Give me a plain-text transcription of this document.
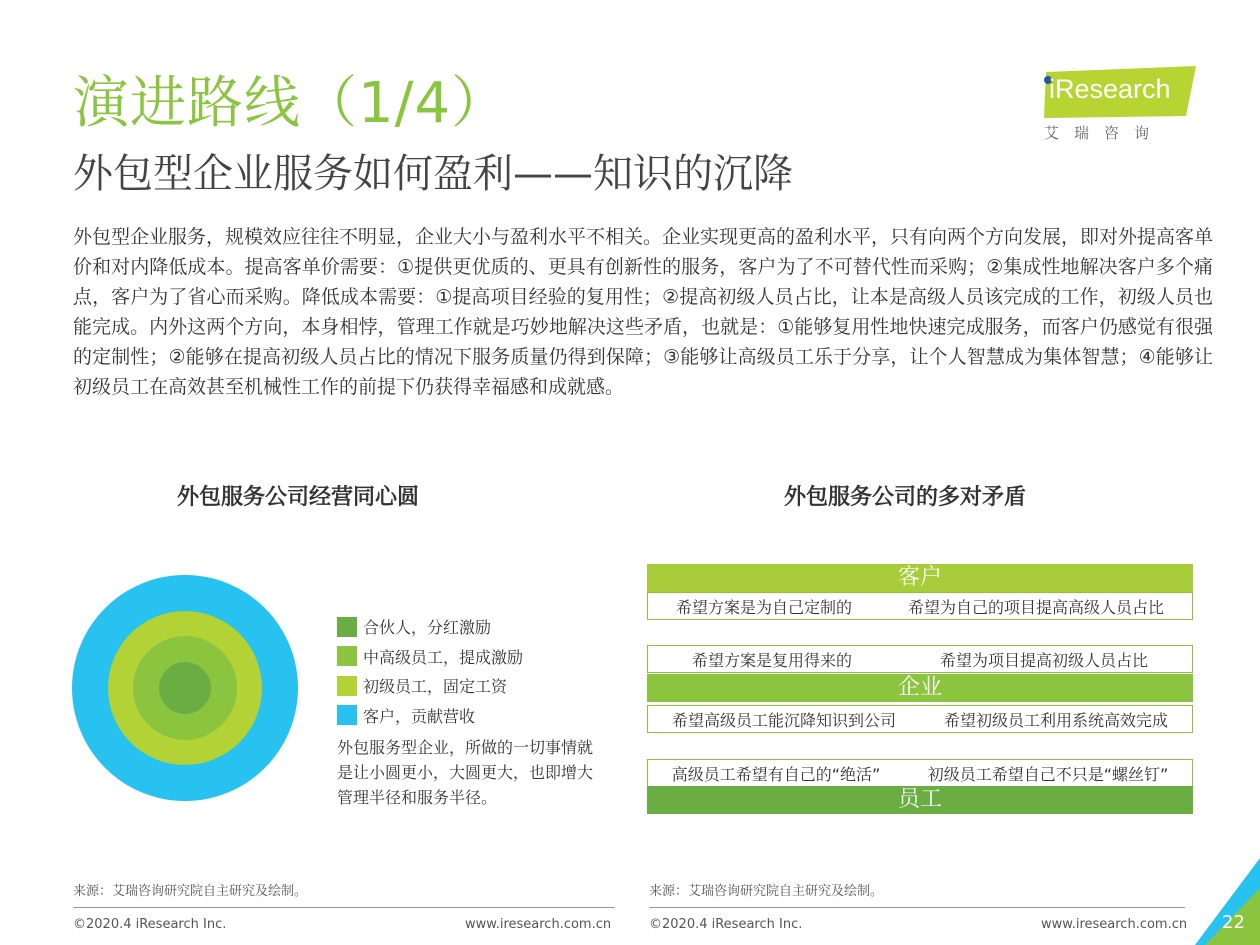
演进路线（1/4）
外包型企业服务如何盈利——知识的沉降
iResearch
艾瑞咨询

外包型企业服务，规模效应往往不明显，企业大小与盈利水平不相关。企业实现更高的盈利水平，只有向两个方向发展，即对外提高客单价和对内降低成本。提高客单价需要：①提供更优质的、更具有创新性的服务，客户为了不可替代性而采购；②集成性地解决客户多个痛点，客户为了省心而采购。降低成本需要：①提高项目经验的复用性；②提高初级人员占比，让本是高级人员该完成的工作，初级人员也能完成。内外这两个方向，本身相悖，管理工作就是巧妙地解决这些矛盾，也就是：①能够复用性地快速完成服务，而客户仍感觉有很强的定制性；②能够在提高初级人员占比的情况下服务质量仍得到保障；③能够让高级员工乐于分享，让个人智慧成为集体智慧；④能够让初级员工在高效甚至机械性工作的前提下仍获得幸福感和成就感。

外包服务公司经营同心圆	外包服务公司的多对矛盾
合伙人，分红激励
中高级员工，提成激励
初级员工，固定工资
客户，贡献营收

外包服务型企业，所做的一切事情就是让小圆更小，大圆更大，也即增大管理半径和服务半径。

客户
希望方案是为自己定制的	希望为自己的项目提高高级人员占比
希望方案是复用得来的	希望为项目提高初级人员占比
企业
希望高级员工能沉降知识到公司	希望初级员工利用系统高效完成
高级员工希望有自己的“绝活”	初级员工希望自己不只是“螺丝钉”
员工
来源：艾瑞咨询研究院自主研究及绘制。	来源：艾瑞咨询研究院自主研究及绘制。
©2020.4 iResearch Inc.	www.iresearch.com.cn	©2020.4 iResearch Inc.	www.iresearch.com.cn 22
